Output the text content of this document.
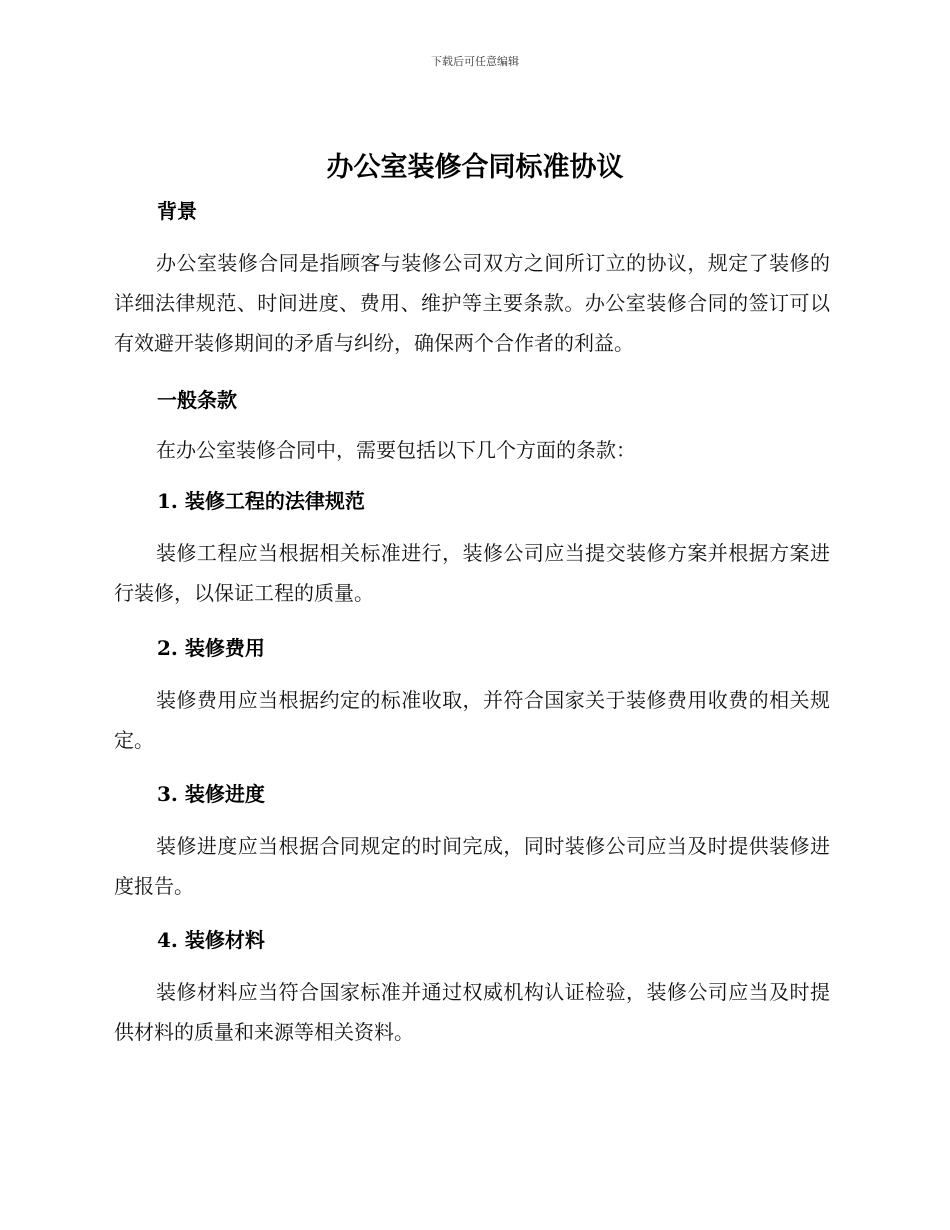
下载后可任意编辑
办公室装修合同标准协议
背景

办公室装修合同是指顾客与装修公司双方之间所订立的协议，规定了装修的详细法律规范、时间进度、费用、维护等主要条款。办公室装修合同的签订可以有效避开装修期间的矛盾与纠纷，确保两个合作者的利益。

一般条款

在办公室装修合同中，需要包括以下几个方面的条款：

1. 装修工程的法律规范

装修工程应当根据相关标准进行，装修公司应当提交装修方案并根据方案进行装修，以保证工程的质量。

2. 装修费用

装修费用应当根据约定的标准收取，并符合国家关于装修费用收费的相关规定。

3. 装修进度

装修进度应当根据合同规定的时间完成，同时装修公司应当及时提供装修进度报告。

4. 装修材料

装修材料应当符合国家标准并通过权威机构认证检验，装修公司应当及时提供材料的质量和来源等相关资料。
